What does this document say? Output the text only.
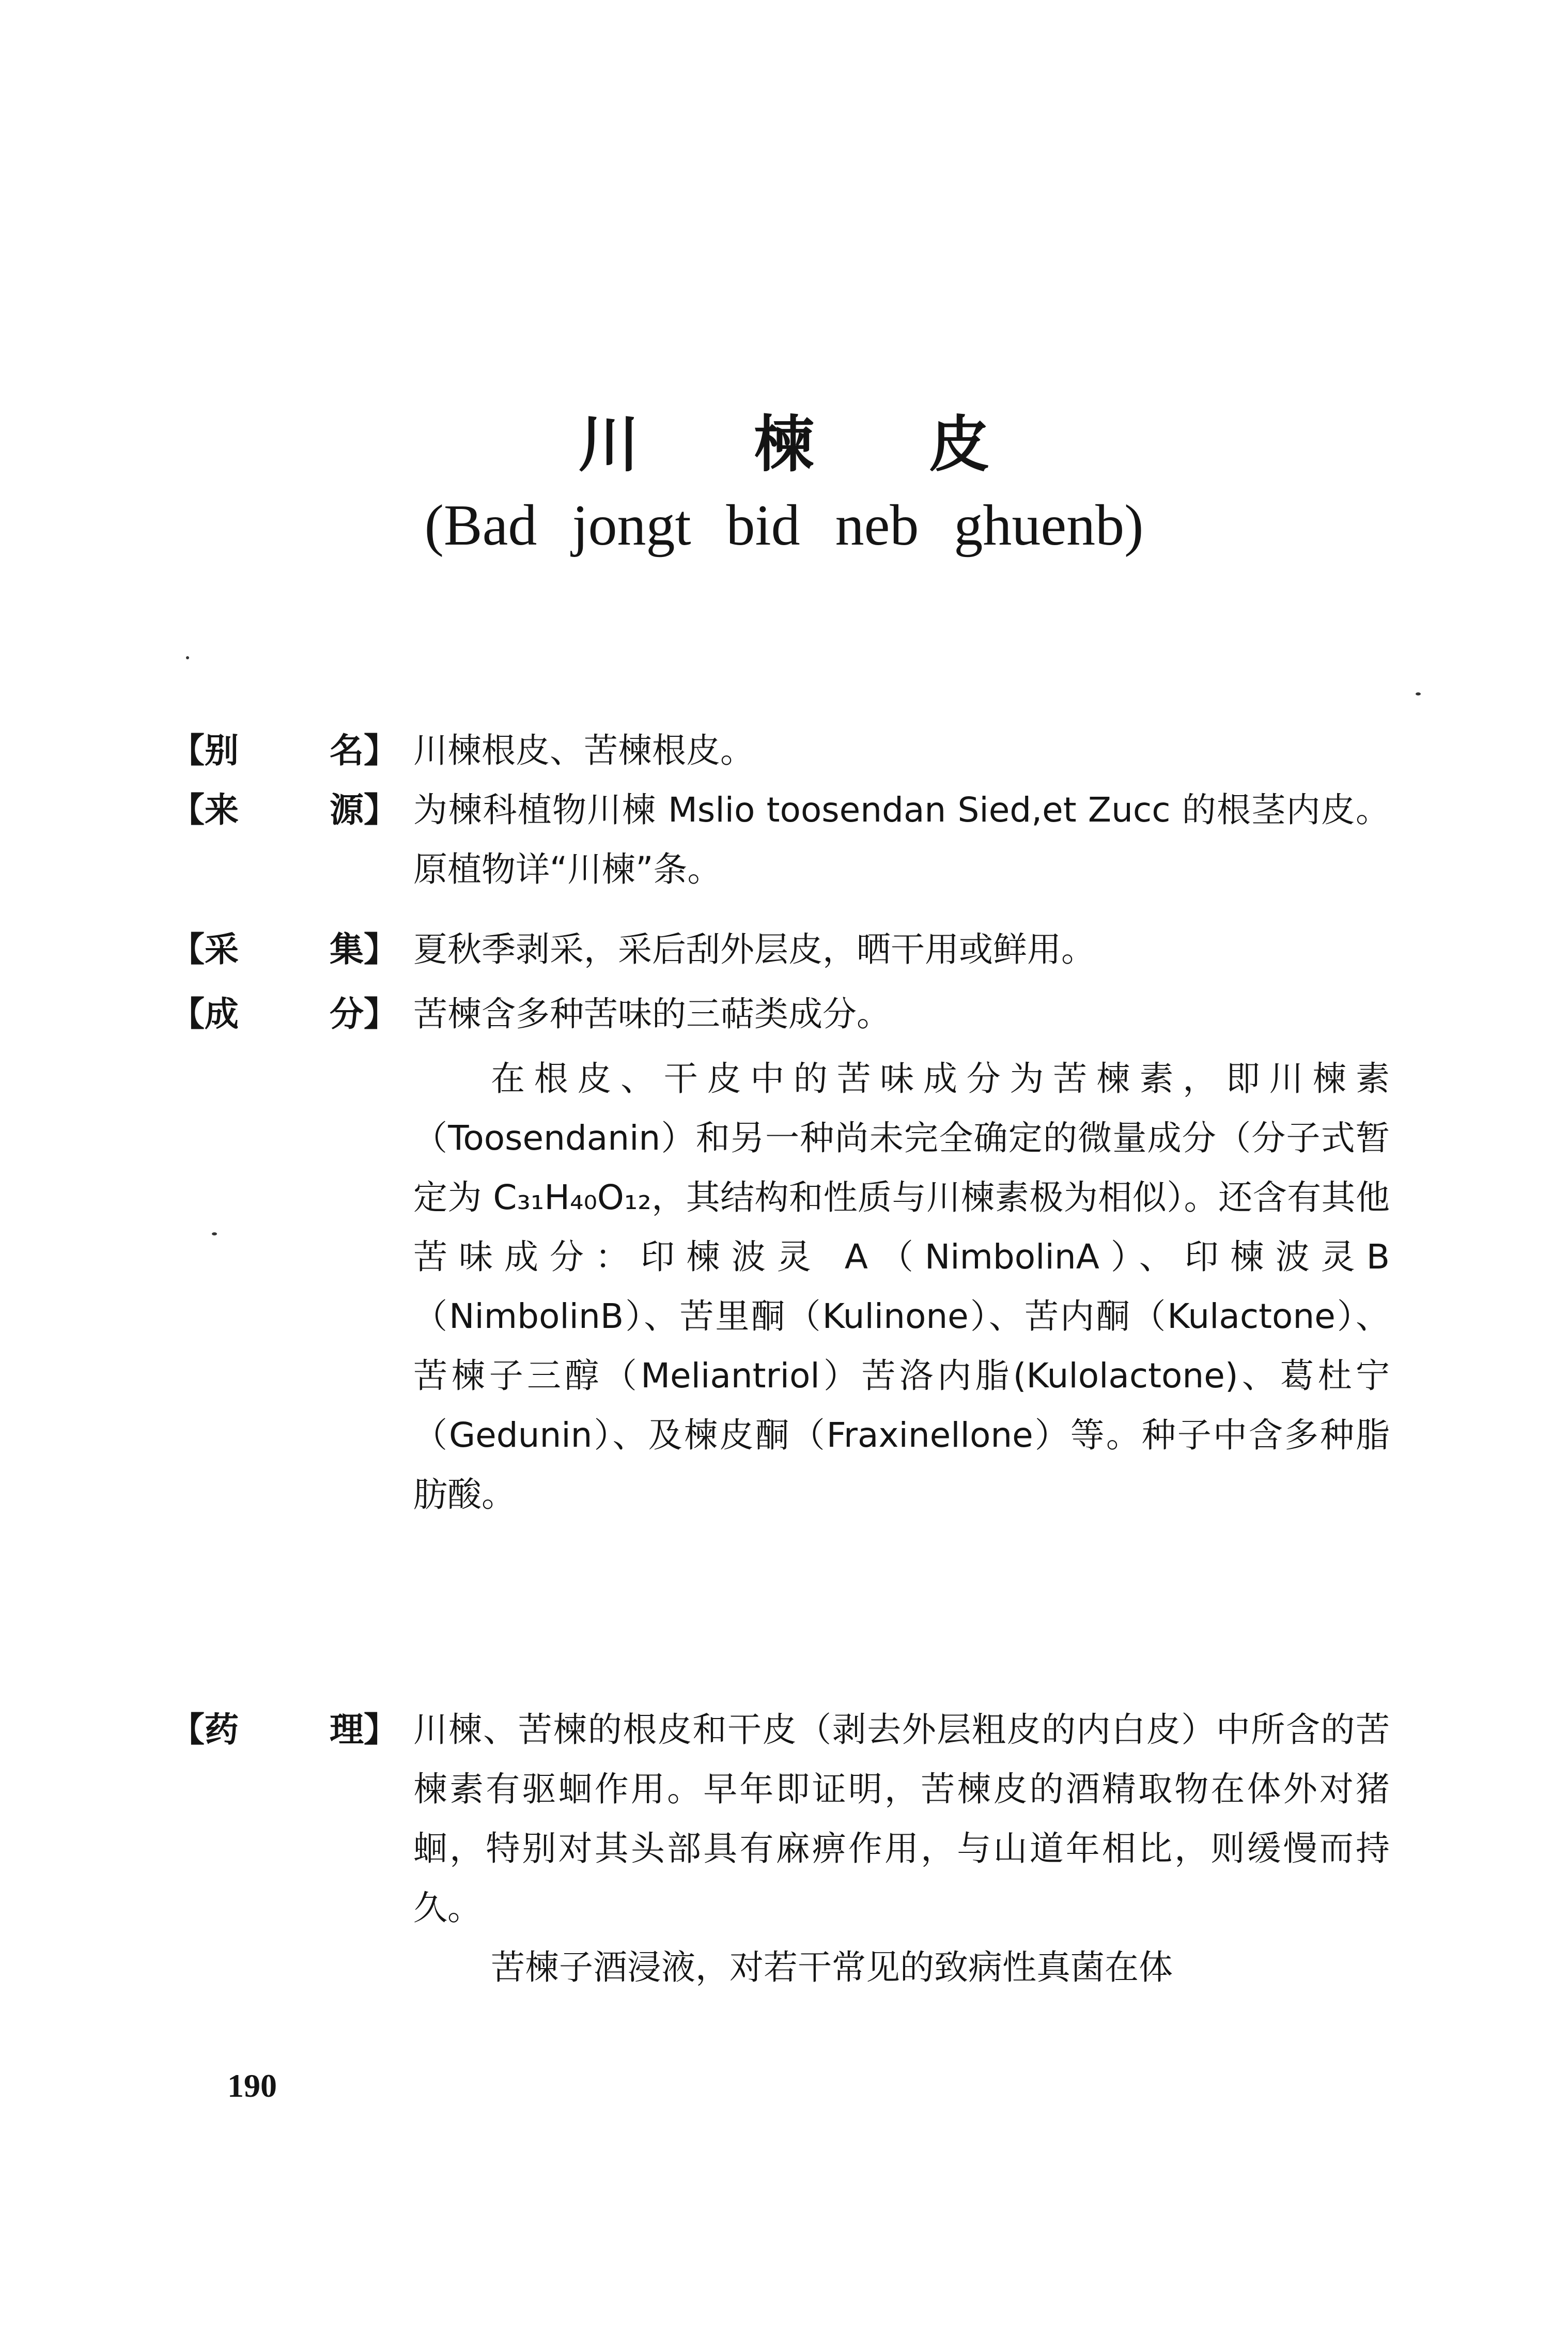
川 楝 皮
(Bad jongt bid neb ghuenb)
【别	名】 川楝根皮、苦楝根皮。

【来	源】 为楝科植物川楝 Mslio toosendan Sied,et Zucc 的根茎内皮。原植物详“川楝”条。

【采	集】 夏秋季剥采，采后刮外层皮，晒干用或鲜用。

【成	分】 苦楝含多种苦味的三萜类成分。

在根皮、干皮中的苦味成分为苦楝素，即川楝素（Toosendanin）和另一种尚未完全确定的微量成分（分子式暂定为 C₃₁H₄₀O₁₂，其结构和性质与川楝素极为相似）。还含有其他苦味成分：印楝波灵 A（NimbolinA）、印楝波灵B（NimbolinB）、苦里酮（Kulinone）、苦内酮（Kulactone）、苦楝子三醇（Meliantriol）苦洛内脂(Kulolactone)、葛杜宁（Gedunin）、及楝皮酮（Fraxinellone）等。种子中含多种脂肪酸。

【药	理】 川楝、苦楝的根皮和干皮（剥去外层粗皮的内白皮）中所含的苦楝素有驱蛔作用。早年即证明，苦楝皮的酒精取物在体外对猪蛔，特别对其头部具有麻痹作用，与山道年相比，则缓慢而持久。

苦楝子酒浸液，对若干常见的致病性真菌在体

190
